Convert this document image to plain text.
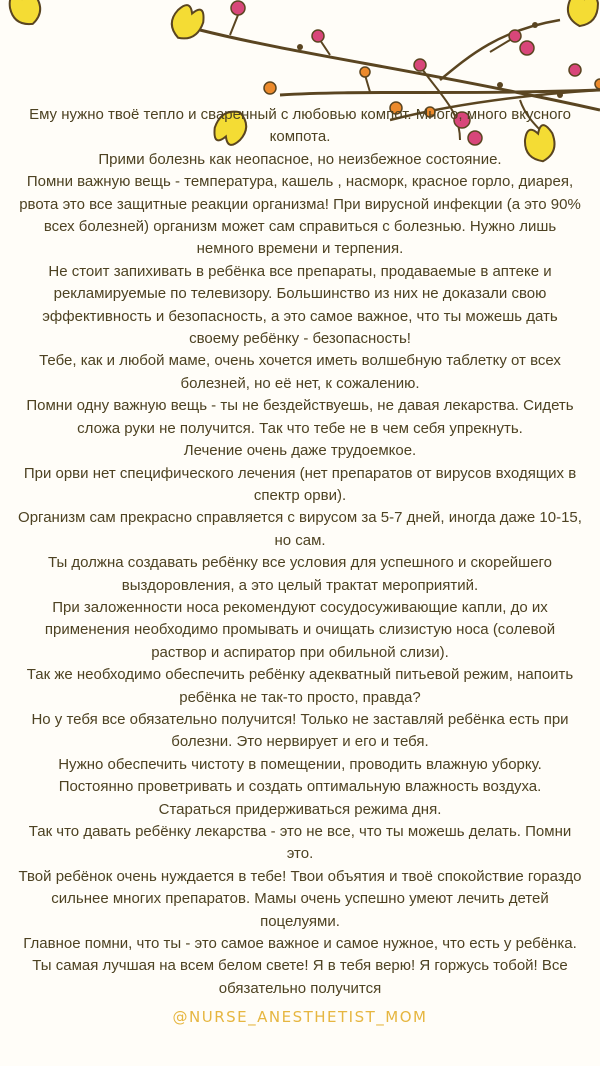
Ему нужно твоё тепло и сваренный с любовью компот. Много, много вкусного компота.

Прими болезнь как неопасное, но неизбежное состояние.

Помни важную вещь - температура, кашель , насморк, красное горло, диарея, рвота это все защитные реакции организма! При вирусной инфекции (а это 90% всех болезней) организм может сам справиться с болезнью. Нужно лишь немного времени и терпения.

Не стоит запихивать в ребёнка все препараты, продаваемые в аптеке и рекламируемые по телевизору. Большинство из них не доказали свою эффективность и безопасность, а это самое важное, что ты можешь дать своему ребёнку - безопасность!

Тебе, как и любой маме, очень хочется иметь волшебную таблетку от всех болезней, но её нет, к сожалению.

Помни одну важную вещь - ты не бездействуешь, не давая лекарства. Сидеть сложа руки не получится. Так что тебе не в чем себя упрекнуть.

Лечение очень даже трудоемкое.

При орви нет специфического лечения (нет препаратов от вирусов входящих в спектр орви).

Организм сам прекрасно справляется с вирусом за 5-7 дней, иногда даже 10-15, но сам.

Ты должна создавать ребёнку все условия для успешного и скорейшего выздоровления, а это целый трактат мероприятий.

При заложенности носа рекомендуют сосудосуживающие капли, до их применения необходимо промывать и очищать слизистую носа (солевой раствор и аспиратор при обильной слизи).

Так же необходимо обеспечить ребёнку адекватный питьевой режим, напоить ребёнка не так-то просто, правда?

Но у тебя все обязательно получится! Только не заставляй ребёнка есть при болезни. Это нервирует и его и тебя.

Нужно обеспечить чистоту в помещении, проводить влажную уборку.

Постоянно проветривать и создать оптимальную влажность воздуха.

Стараться придерживаться режима дня.

Так что давать ребёнку лекарства - это не все, что ты можешь делать. Помни это.

Твой ребёнок очень нуждается в тебе! Твои объятия и твоё спокойствие гораздо сильнее многих препаратов. Мамы очень успешно умеют лечить детей поцелуями.

Главное помни, что ты - это самое важное и самое нужное, что есть у ребёнка. Ты самая лучшая на всем белом свете! Я в тебя верю! Я горжусь тобой! Все обязательно получится

@NURSE_ANESTHETIST_MOM
